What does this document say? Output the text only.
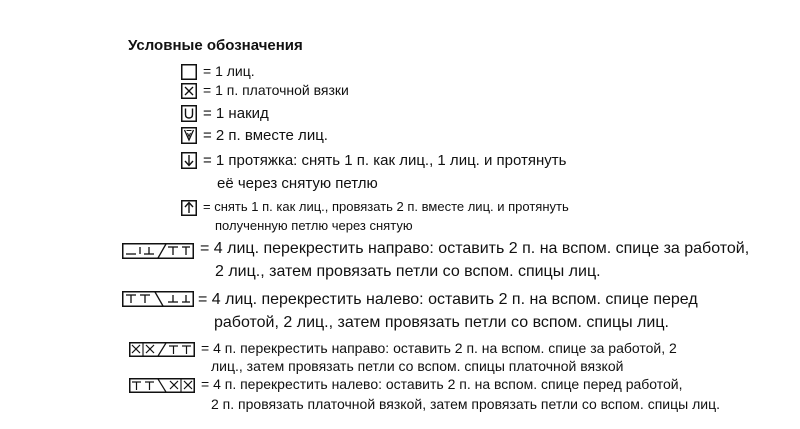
Условные обозначения
= 1 лиц.
= 1 п. платочной вязки
= 1 накид
= 2 п. вместе лиц.
= 1 протяжка: снять 1 п. как лиц., 1 лиц. и протянуть
её через снятую петлю
= снять 1 п. как лиц., провязать 2 п. вместе лиц. и протянуть
полученную петлю через снятую
= 4 лиц. перекрестить направо: оставить 2 п. на вспом. спице за работой,
2 лиц., затем провязать петли со вспом. спицы лиц.
= 4 лиц. перекрестить налево: оставить 2 п. на вспом. спице перед
работой, 2 лиц., затем провязать петли со вспом. спицы лиц.
= 4 п. перекрестить направо: оставить 2 п. на вспом. спице за работой, 2
лиц., затем провязать петли со вспом. спицы платочной вязкой
= 4 п. перекрестить налево: оставить 2 п. на вспом. спице перед работой,
2 п. провязать платочной вязкой, затем провязать петли со вспом. спицы лиц.
